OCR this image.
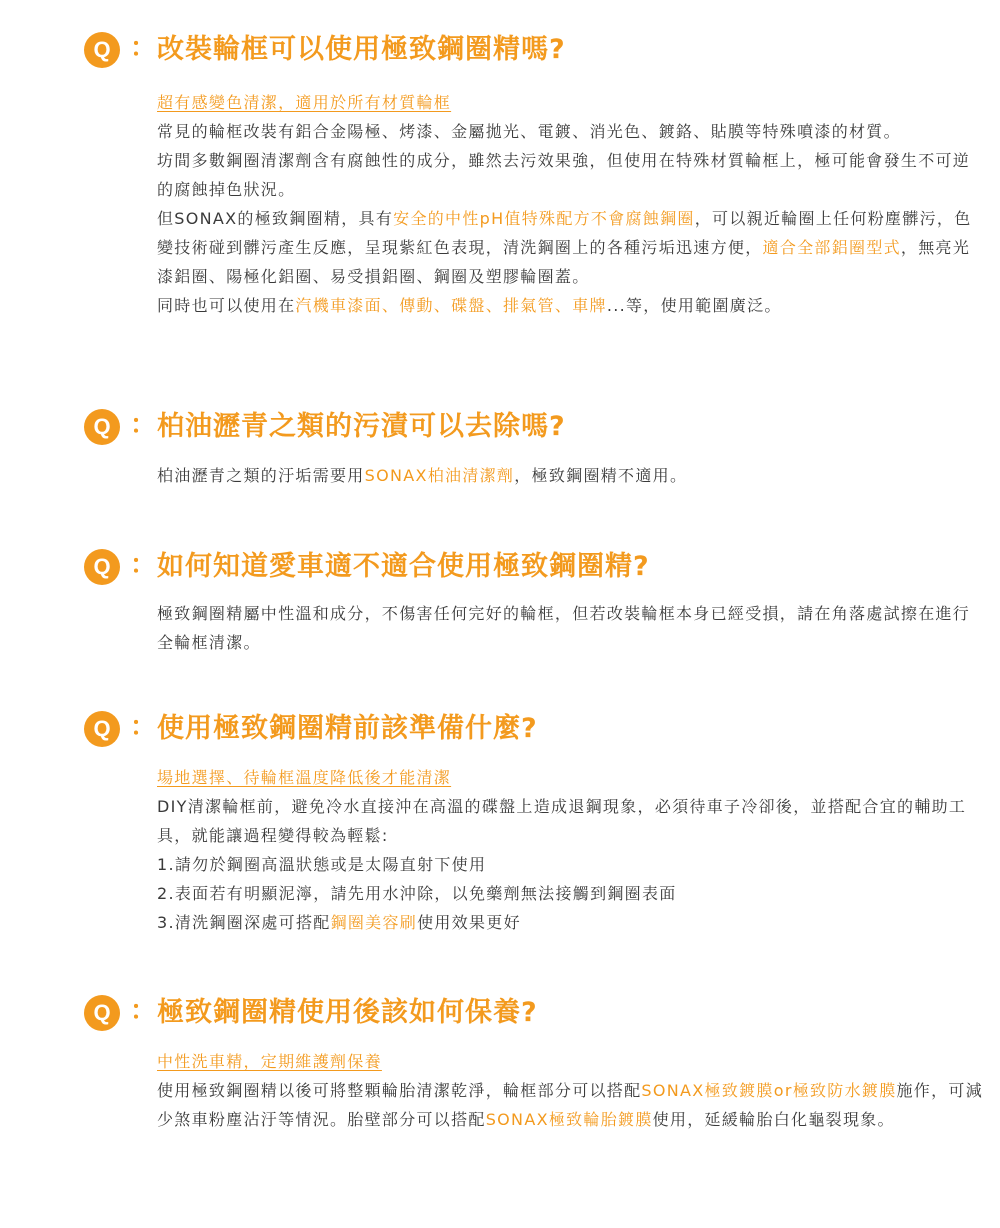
Q ： 改裝輪框可以使用極致鋼圈精嗎?

超有感變色清潔，適用於所有材質輪框

常見的輪框改裝有鋁合金陽極、烤漆、金屬拋光、電鍍、消光色、鍍鉻、貼膜等特殊噴漆的材質。

坊間多數鋼圈清潔劑含有腐蝕性的成分，雖然去污效果強，但使用在特殊材質輪框上，極可能會發生不可逆的腐蝕掉色狀況。

但SONAX的極致鋼圈精，具有安全的中性pH值特殊配方不會腐蝕鋼圈，可以親近輪圈上任何粉塵髒污，色變技術碰到髒污產生反應，呈現紫紅色表現，清洗鋼圈上的各種污垢迅速方便，適合全部鋁圈型式，無亮光漆鋁圈、陽極化鋁圈、易受損鋁圈、鋼圈及塑膠輪圈蓋。

同時也可以使用在汽機車漆面、傳動、碟盤、排氣管、車牌...等，使用範圍廣泛。

Q ： 柏油瀝青之類的污漬可以去除嗎?

柏油瀝青之類的汙垢需要用SONAX柏油清潔劑，極致鋼圈精不適用。

Q ： 如何知道愛車適不適合使用極致鋼圈精?

極致鋼圈精屬中性溫和成分，不傷害任何完好的輪框，但若改裝輪框本身已經受損，請在角落處試擦在進行全輪框清潔。

Q ： 使用極致鋼圈精前該準備什麼?

場地選擇、待輪框溫度降低後才能清潔

DIY清潔輪框前，避免冷水直接沖在高溫的碟盤上造成退鋼現象，必須待車子冷卻後，並搭配合宜的輔助工具，就能讓過程變得較為輕鬆:

1.請勿於鋼圈高溫狀態或是太陽直射下使用

2.表面若有明顯泥濘，請先用水沖除，以免藥劑無法接觸到鋼圈表面

3.清洗鋼圈深處可搭配鋼圈美容刷使用效果更好

Q ： 極致鋼圈精使用後該如何保養?

中性洗車精，定期維護劑保養

使用極致鋼圈精以後可將整顆輪胎清潔乾淨，輪框部分可以搭配SONAX極致鍍膜or極致防水鍍膜施作，可減少煞車粉塵沾汙等情況。胎壁部分可以搭配SONAX極致輪胎鍍膜使用，延緩輪胎白化龜裂現象。
